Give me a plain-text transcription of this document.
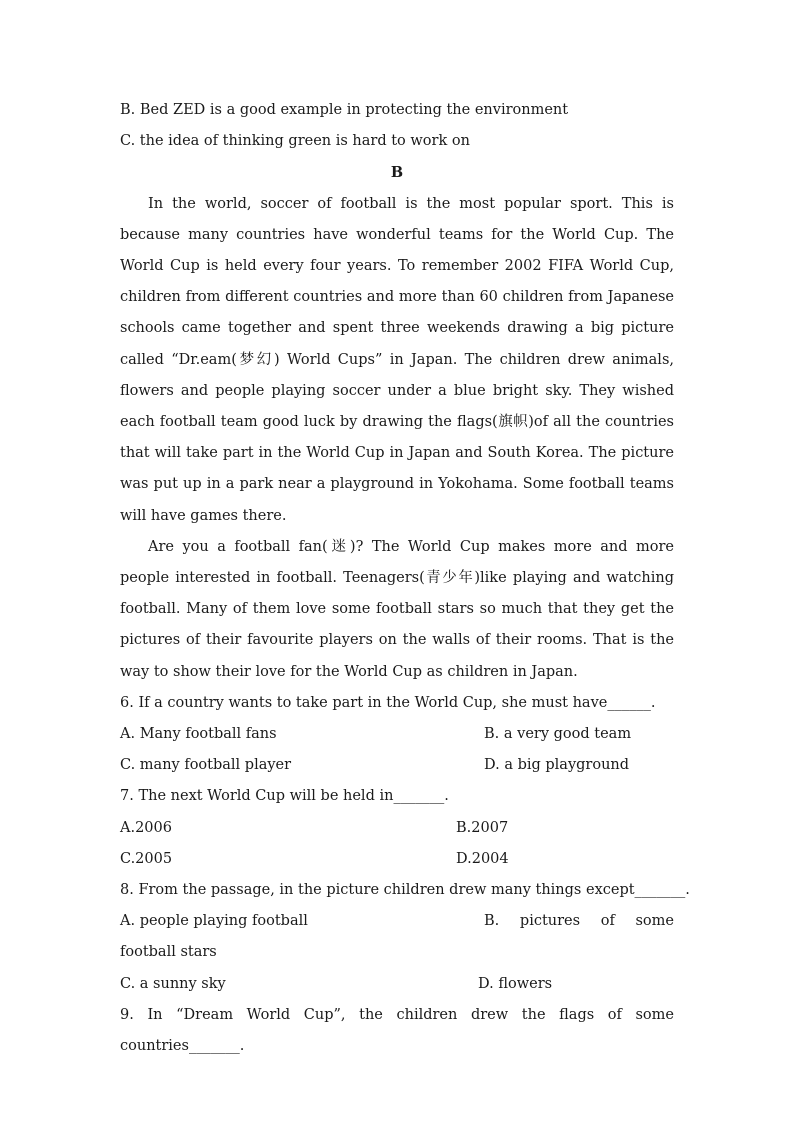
B. Bed ZED is a good example in protecting the environment
C. the idea of thinking green is hard to work on
B

In the world, soccer of football is the most popular sport. This is because many countries have wonderful teams for the World Cup. The World Cup is held every four years. To remember 2002 FIFA World Cup, children from different countries and more than 60 children from Japanese schools came together and spent three weekends drawing a big picture called “Dr.eam(梦幻) World Cups” in Japan. The children drew animals, flowers and people playing soccer under a blue bright sky. They wished each football team good luck by drawing the flags(旗帜)of all the countries that will take part in the World Cup in Japan and South Korea. The picture was put up in a park near a playground in Yokohama. Some football teams will have games there.

Are you a football fan(迷)? The World Cup makes more and more people interested in football. Teenagers(青少年)like playing and watching football. Many of them love some football stars so much that they get the pictures of their favourite players on the walls of their rooms. That is the way to show their love for the World Cup as children in Japan.

6. If a country wants to take part in the World Cup, she must have______.
A. Many football fans	B. a very good team
C. many football player	D. a big playground
7. The next World Cup will be held in_______.
A.2006	B.2007
C.2005	D.2004
8. From the passage, in the picture children drew many things except_______.
A. people playing football	B. pictures of some
football stars
C. a sunny sky	D. flowers
9. In “Dream World Cup”, the children drew the flags of some
countries_______.
